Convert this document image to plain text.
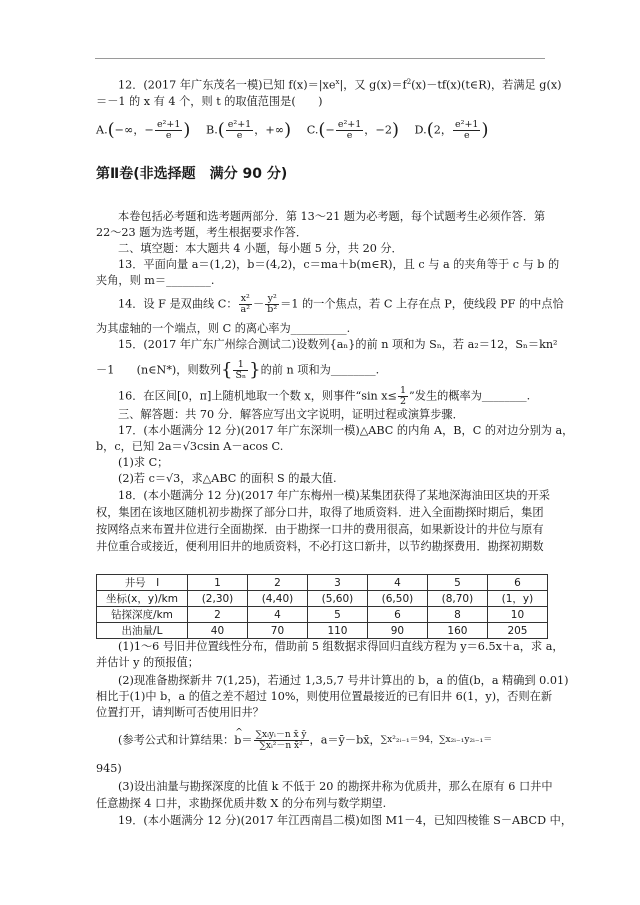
12．(2017 年广东茂名一模)已知 $f(x)=|xe^x|$，又 $g(x)=f^2(x)-tf(x)(t\in R)$，若满足 g(x)
＝－1 的 x 有 4 个，则 t 的取值范围是(　　)
A.(−∞，− $\frac{\text{e²+1}}{e}$ ) $B.( \frac{\text{e²+1}}{e}$ ，+∞) $C.(- \frac{\text{e²+1}}{e}$ ，−2) D.(2， $\frac{\text{e²+1}}{e}$ )
第Ⅱ卷(非选择题　满分 90 分)
本卷包括必考题和选考题两部分．第 13～21 题为必考题，每个试题考生必须作答．第
22～23 题为选考题，考生根据要求作答．
二、填空题：本大题共 4 小题，每小题 5 分，共 20 分．
13．平面向量 a＝(1,2)，b＝(4,2)，c＝ma＋b(m∈R)，且 c 与 a 的夹角等于 c 与 b 的
夹角，则 m＝________.
14．设 F 是双曲线 C： $\frac{\text{x²}}{\text{a²}} - \frac{\text{y²}}{\text{b²}} =1$ 的一个焦点，若 C 上存在点 P，使线段 PF 的中点恰
为其虚轴的一个端点，则 C 的离心率为__________.
15．(2017 年广东广州综合测试二)设数列{aₙ}的前 n 项和为 Sₙ，若 a₂＝12，Sₙ＝kn²
－1　　(n∈N*)，则数列{ $\frac{1}{\text{Sₙ}}$ }的前 n 项和为________.
16．在区间[0，π]上随机地取一个数 x，则事件“sin $x\le \frac{1}{2}$ ”发生的概率为________.
三、解答题：共 70 分．解答应写出文字说明，证明过程或演算步骤．
17．(本小题满分 12 分)(2017 年广东深圳一模)△ABC 的内角 A，B，C 的对边分别为 a，
b，c，已知 2a＝√3csin A－acos C.
(1)求 C；
(2)若 c＝√3，求△ABC 的面积 S 的最大值.
18．(本小题满分 12 分)(2017 年广东梅州一模)某集团获得了某地深海油田区块的开采
权，集团在该地区随机初步勘探了部分口井，取得了地质资料．进入全面勘探时期后，集团
按网络点来布置井位进行全面勘探．由于勘探一口井的费用很高，如果新设计的井位与原有
井位重合或接近，便利用旧井的地质资料，不必打这口新井，以节约勘探费用．勘探初期数
井号　I	1	2	3	4	5	6
坐标(x，y)/km	(2,30)	(4,40)	(5,60)	(6,50)	(8,70)	(1，y)
钻探深度/km	2	4	5	6	8	10
出油量/L	40	70	110	90	160	205
(1)1～6 号旧井位置线性分布，借助前 5 组数据求得回归直线方程为 y＝6.5x＋a，求 a，
并估计 y 的预报值；
(2)现准备勘探新井 7(1,25)，若通过 1,3,5,7 号井计算出的 b，a 的值(b，a 精确到 0.01)
相比于(1)中 b，a 的值之差不超过 10%，则使用位置最接近的已有旧井 6(1，y)，否则在新
位置打开，请判断可否使用旧井？
(参考公式和计算结果：^ $b= \frac{\text{∑xᵢyᵢ－n x̄ ȳ}}{\text{∑xᵢ²－n x̄²}}$ ，a＝ȳ－bx̄，∑x²₂ᵢ₋₁＝94，∑x₂ᵢ₋₁y₂ᵢ₋₁＝
945)
(3)设出油量与勘探深度的比值 k 不低于 20 的勘探井称为优质井，那么在原有 6 口井中
任意勘探 4 口井，求勘探优质井数 X 的分布列与数学期望.
19．(本小题满分 12 分)(2017 年江西南昌二模)如图 M1－4，已知四棱锥 S－ABCD 中，
